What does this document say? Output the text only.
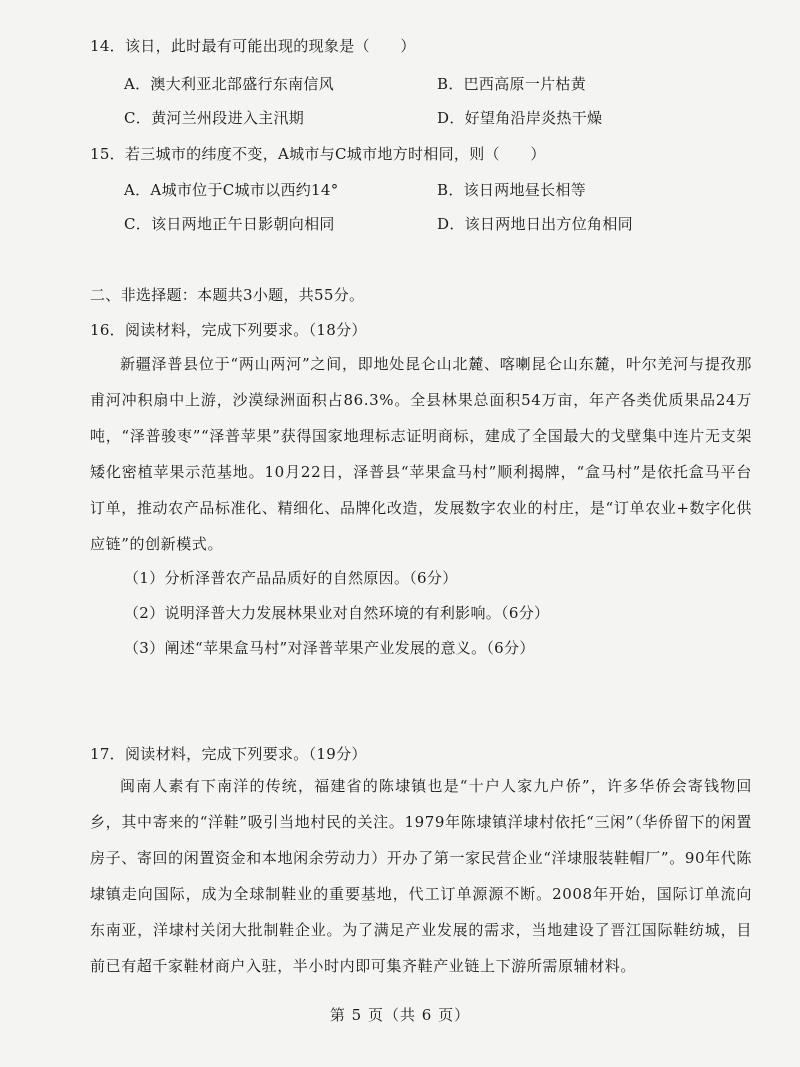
14．该日，此时最有可能出现的现象是（　　）
A．澳大利亚北部盛行东南信风	B．巴西高原一片枯黄
C．黄河兰州段进入主汛期	D．好望角沿岸炎热干燥
15．若三城市的纬度不变，A城市与C城市地方时相同，则（　　）
A．A城市位于C城市以西约14°	B．该日两地昼长相等
C．该日两地正午日影朝向相同	D．该日两地日出方位角相同
二、非选择题：本题共3小题，共55分。
16．阅读材料，完成下列要求。（18分）
新疆泽普县位于“两山两河”之间，即地处昆仑山北麓、喀喇昆仑山东麓，叶尔羌河与提孜那甫河冲积扇中上游，沙漠绿洲面积占86.3%。全县林果总面积54万亩，年产各类优质果品24万吨，“泽普骏枣”“泽普苹果”获得国家地理标志证明商标，建成了全国最大的戈壁集中连片无支架矮化密植苹果示范基地。10月22日，泽普县“苹果盒马村”顺利揭牌，“盒马村”是依托盒马平台订单，推动农产品标准化、精细化、品牌化改造，发展数字农业的村庄，是“订单农业+数字化供应链”的创新模式。
（1）分析泽普农产品品质好的自然原因。（6分）
（2）说明泽普大力发展林果业对自然环境的有利影响。（6分）
（3）阐述“苹果盒马村”对泽普苹果产业发展的意义。（6分）
17．阅读材料，完成下列要求。（19分）
闽南人素有下南洋的传统，福建省的陈埭镇也是“十户人家九户侨”，许多华侨会寄钱物回乡，其中寄来的“洋鞋”吸引当地村民的关注。1979年陈埭镇洋埭村依托“三闲”（华侨留下的闲置房子、寄回的闲置资金和本地闲余劳动力）开办了第一家民营企业“洋埭服装鞋帽厂”。90年代陈埭镇走向国际，成为全球制鞋业的重要基地，代工订单源源不断。2008年开始，国际订单流向东南亚，洋埭村关闭大批制鞋企业。为了满足产业发展的需求，当地建设了晋江国际鞋纺城，目前已有超千家鞋材商户入驻，半小时内即可集齐鞋产业链上下游所需原辅材料。
第 5 页（共 6 页）
